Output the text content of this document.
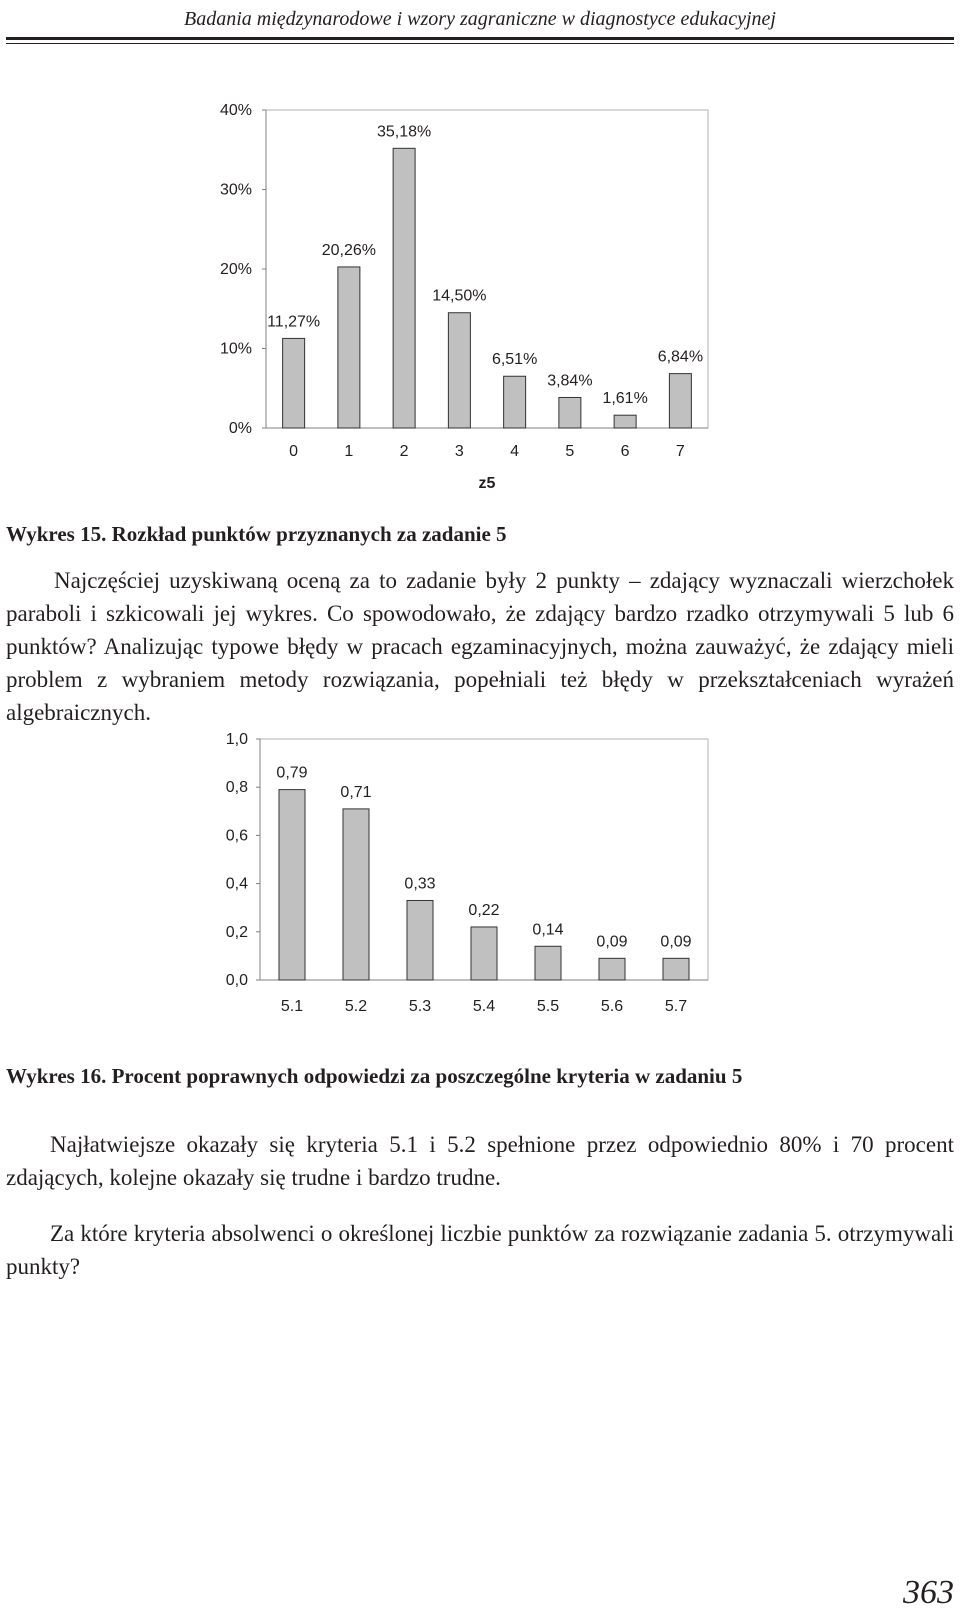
Badania międzynarodowe i wzory zagraniczne w diagnostyce edukacyjnej
0%
10%
20%
30%
40%
11,27%
0
20,26%
1
35,18%
2
14,50%
3
6,51%
4
3,84%
5
1,61%
6
6,84%
7
z5
Wykres 15. Rozkład punktów przyznanych za zadanie 5

Najczęściej uzyskiwaną oceną za to zadanie były 2 punkty – zdający wyznaczali wierzchołek paraboli i szkicowali jej wykres. Co spowodowało, że zdający bardzo rzadko otrzymywali 5 lub 6 punktów? Analizując typowe błędy w pracach egzaminacyjnych, można zauważyć, że zdający mieli problem z wybraniem metody rozwiązania, popełniali też błędy w przekształceniach wyrażeń algebraicznych.

0,0
0,2
0,4
0,6
0,8
1,0
0,79
5.1
0,71
5.2
0,33
5.3
0,22
5.4
0,14
5.5
0,09
5.6
0,09
5.7
Wykres 16. Procent poprawnych odpowiedzi za poszczególne kryteria w zadaniu 5

Najłatwiejsze okazały się kryteria 5.1 i 5.2 spełnione przez odpowiednio 80% i 70 procent zdających, kolejne okazały się trudne i bardzo trudne.

Za które kryteria absolwenci o określonej liczbie punktów za rozwiązanie zadania 5. otrzymywali punkty?

363
